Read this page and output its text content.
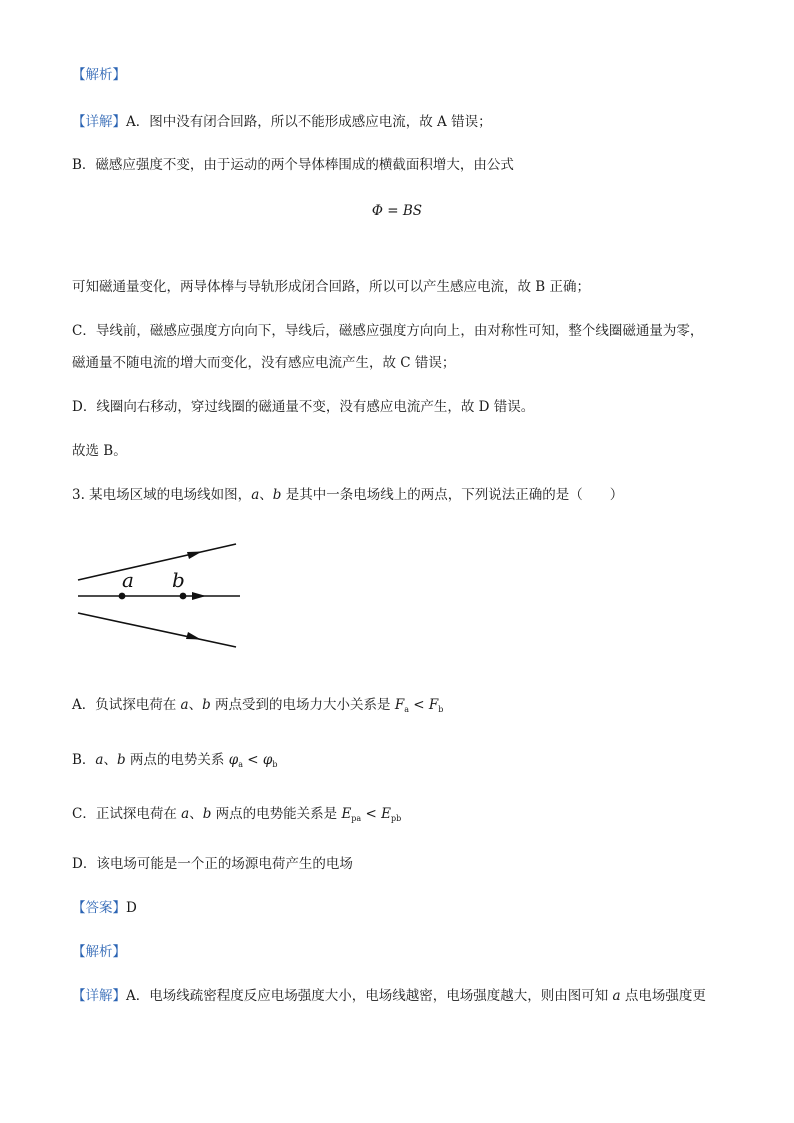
【解析】
【详解】A．图中没有闭合回路，所以不能形成感应电流，故 A 错误；
B．磁感应强度不变，由于运动的两个导体棒围成的横截面积增大，由公式
Φ = BS
可知磁通量变化，两导体棒与导轨形成闭合回路，所以可以产生感应电流，故 B 正确；
C．导线前，磁感应强度方向向下，导线后，磁感应强度方向向上，由对称性可知，整个线圈磁通量为零，
磁通量不随电流的增大而变化，没有感应电流产生，故 C 错误；
D．线圈向右移动，穿过线圈的磁通量不变，没有感应电流产生，故 D 错误。
故选 B。
3. 某电场区域的电场线如图，a、b 是其中一条电场线上的两点，下列说法正确的是（　　）
a b
A．负试探电荷在 a、b 两点受到的电场力大小关系是 $F_a < F_b$
B．a、b 两点的电势关系 $\varphi_a < \varphi_b$
C．正试探电荷在 a、b 两点的电势能关系是 $E_{pa} < E_{pb}$
D．该电场可能是一个正的场源电荷产生的电场
【答案】D
【解析】
【详解】A．电场线疏密程度反应电场强度大小，电场线越密，电场强度越大，则由图可知 a 点电场强度更
